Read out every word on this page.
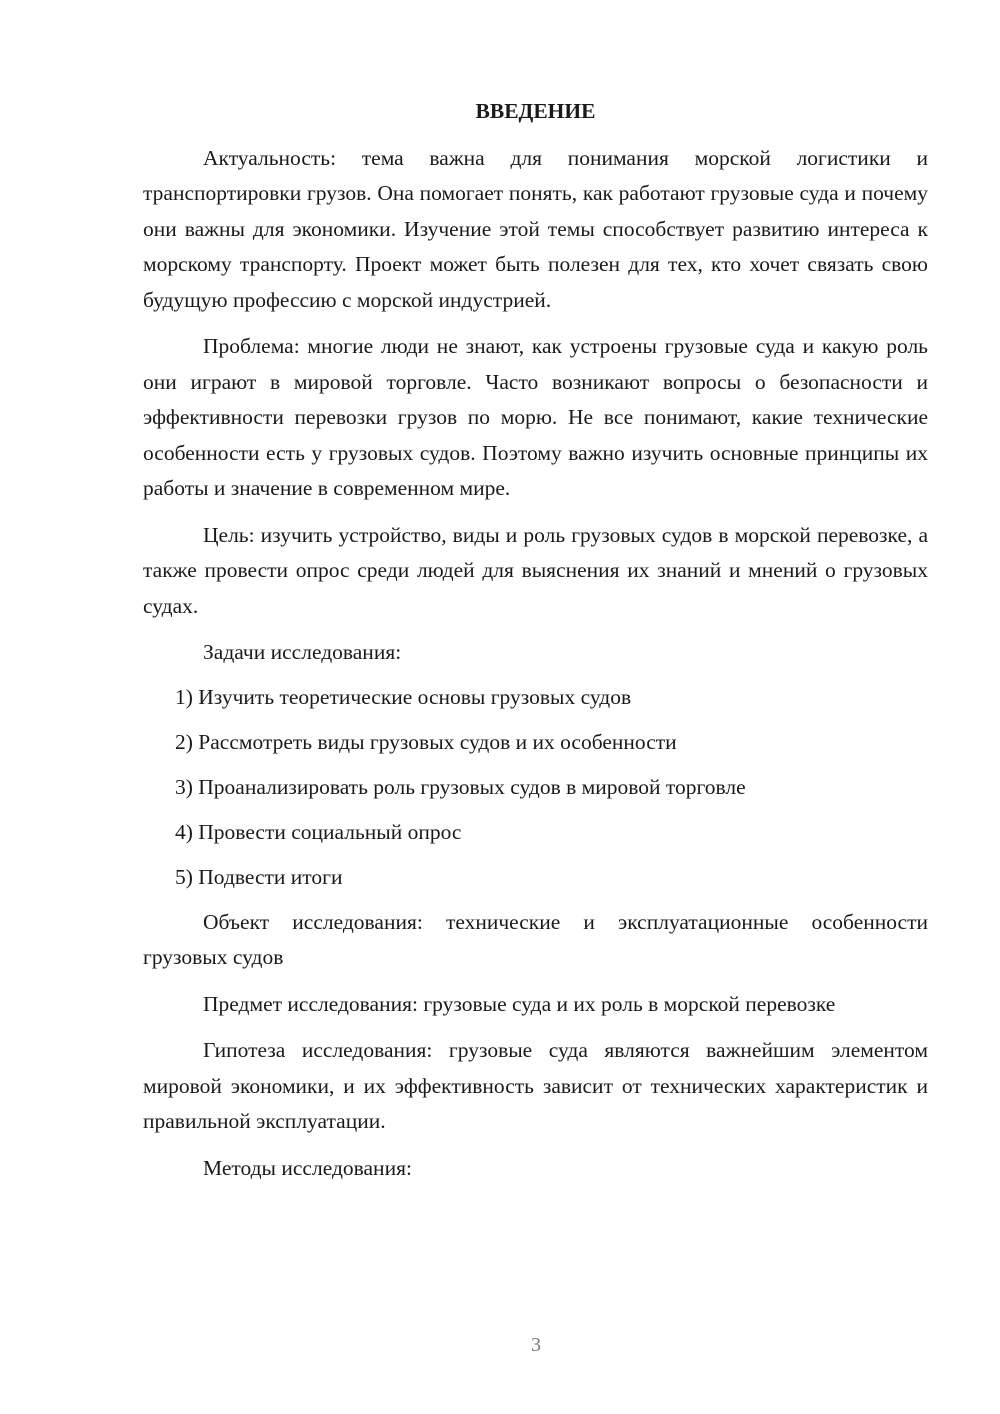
ВВЕДЕНИЕ

Актуальность: тема важна для понимания морской логистики и транспортировки грузов. Она помогает понять, как работают грузовые суда и почему они важны для экономики. Изучение этой темы способствует развитию интереса к морскому транспорту. Проект может быть полезен для тех, кто хочет связать свою будущую профессию с морской индустрией.

Проблема: многие люди не знают, как устроены грузовые суда и какую роль они играют в мировой торговле. Часто возникают вопросы о безопасности и эффективности перевозки грузов по морю. Не все понимают, какие технические особенности есть у грузовых судов. Поэтому важно изучить основные принципы их работы и значение в современном мире.

Цель: изучить устройство, виды и роль грузовых судов в морской перевозке, а также провести опрос среди людей для выяснения их знаний и мнений о грузовых судах.

Задачи исследования:

1) Изучить теоретические основы грузовых судов
2) Рассмотреть виды грузовых судов и их особенности
3) Проанализировать роль грузовых судов в мировой торговле
4) Провести социальный опрос
5) Подвести итоги

Объект исследования: технические и эксплуатационные особенности грузовых судов

Предмет исследования: грузовые суда и их роль в морской перевозке

Гипотеза исследования: грузовые суда являются важнейшим элементом мировой экономики, и их эффективность зависит от технических характеристик и правильной эксплуатации.

Методы исследования:

3
